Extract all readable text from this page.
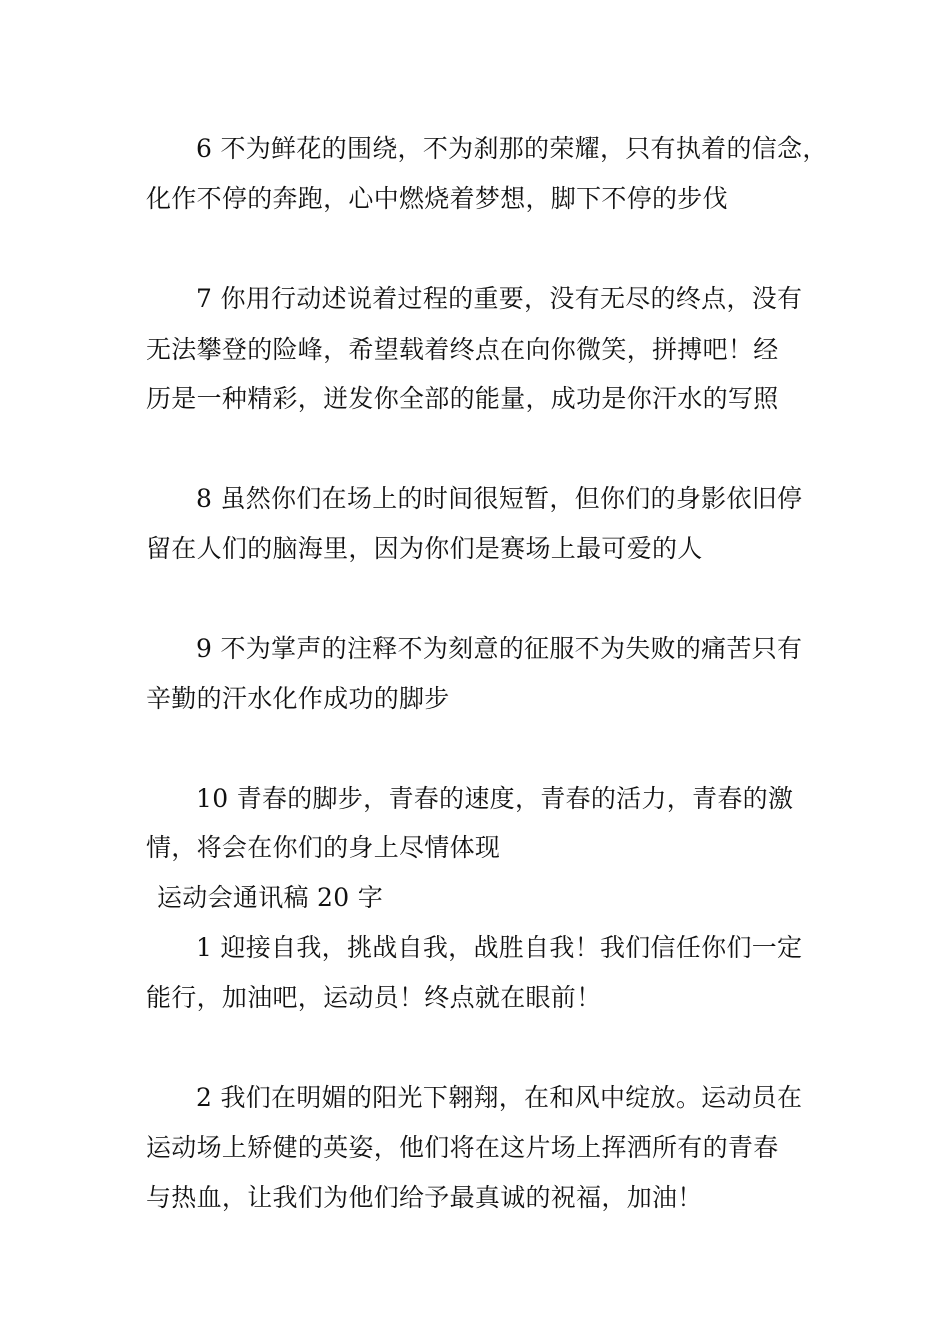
6 不为鲜花的围绕，不为刹那的荣耀，只有执着的信念，
化作不停的奔跑，心中燃烧着梦想，脚下不停的步伐
7 你用行动述说着过程的重要，没有无尽的终点，没有
无法攀登的险峰，希望载着终点在向你微笑，拼搏吧！经
历是一种精彩，迸发你全部的能量，成功是你汗水的写照
8 虽然你们在场上的时间很短暂，但你们的身影依旧停
留在人们的脑海里，因为你们是赛场上最可爱的人
9 不为掌声的注释不为刻意的征服不为失败的痛苦只有
辛勤的汗水化作成功的脚步
10 青春的脚步，青春的速度，青春的活力，青春的激
情，将会在你们的身上尽情体现
运动会通讯稿 20 字
1 迎接自我，挑战自我，战胜自我！我们信任你们一定
能行，加油吧，运动员！终点就在眼前！
2 我们在明媚的阳光下翱翔，在和风中绽放。运动员在
运动场上矫健的英姿，他们将在这片场上挥洒所有的青春
与热血，让我们为他们给予最真诚的祝福，加油！
